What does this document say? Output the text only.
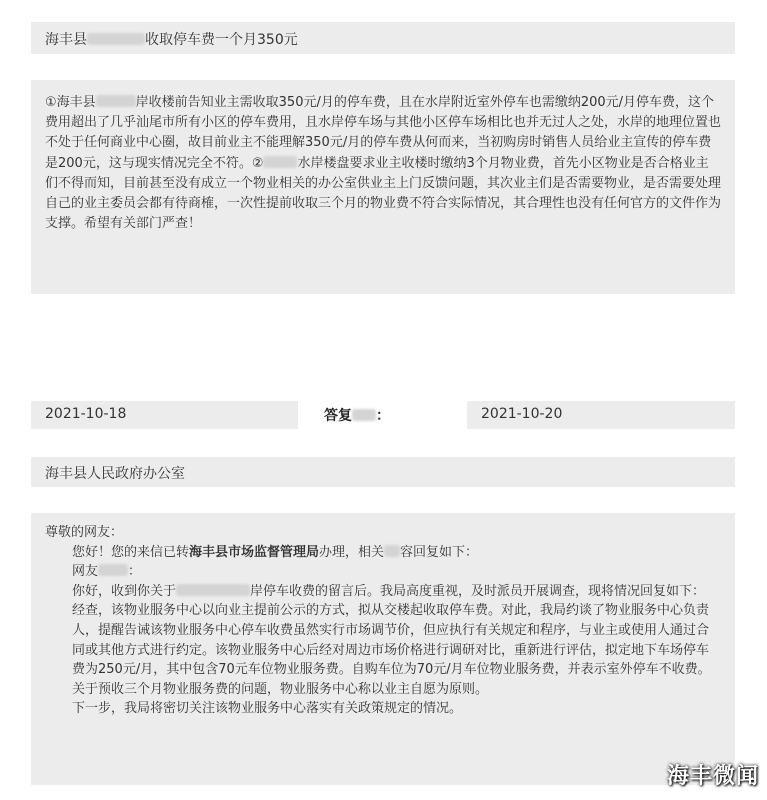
海丰县	收取停车费一个月350元
①海丰县	岸收楼前告知业主需收取350元/月的停车费，且在水岸附近室外停车也需缴纳200元/月停车费，这个费用超出了几乎汕尾市所有小区的停车费用，且水岸停车场与其他小区停车场相比也并无过人之处，水岸的地理位置也不处于任何商业中心圈，故目前业主不能理解350元/月的停车费从何而来，当初购房时销售人员给业主宣传的停车费是200元，这与现实情况完全不符。②	水岸楼盘要求业主收楼时缴纳3个月物业费，首先小区物业是否合格业主们不得而知，目前甚至没有成立一个物业相关的办公室供业主上门反馈问题，其次业主们是否需要物业，是否需要处理自己的业主委员会都有待商榷，一次性提前收取三个月的物业费不符合实际情况，其合理性也没有任何官方的文件作为支撑。希望有关部门严查！
2021-10-18	答复 ：	2021-10-20
海丰县人民政府办公室

尊敬的网友：

您好！您的来信已转海丰县市场监督管理局办理，相关 容回复如下：

网友 ：

你好，收到你关于	岸停车收费的留言后。我局高度重视，及时派员开展调查，现将情况回复如下：

经查，该物业服务中心以向业主提前公示的方式，拟从交楼起收取停车费。对此，我局约谈了物业服务中心负责人，提醒告诫该物业服务中心停车收费虽然实行市场调节价，但应执行有关规定和程序，与业主或使用人通过合同或其他方式进行约定。该物业服务中心后经对周边市场价格进行调研对比，重新进行评估，拟定地下车场停车费为250元/月，其中包含70元车位物业服务费。自购车位为70元/月车位物业服务费，并表示室外停车不收费。关于预收三个月物业服务费的问题，物业服务中心称以业主自愿为原则。

下一步，我局将密切关注该物业服务中心落实有关政策规定的情况。

海丰微闻
